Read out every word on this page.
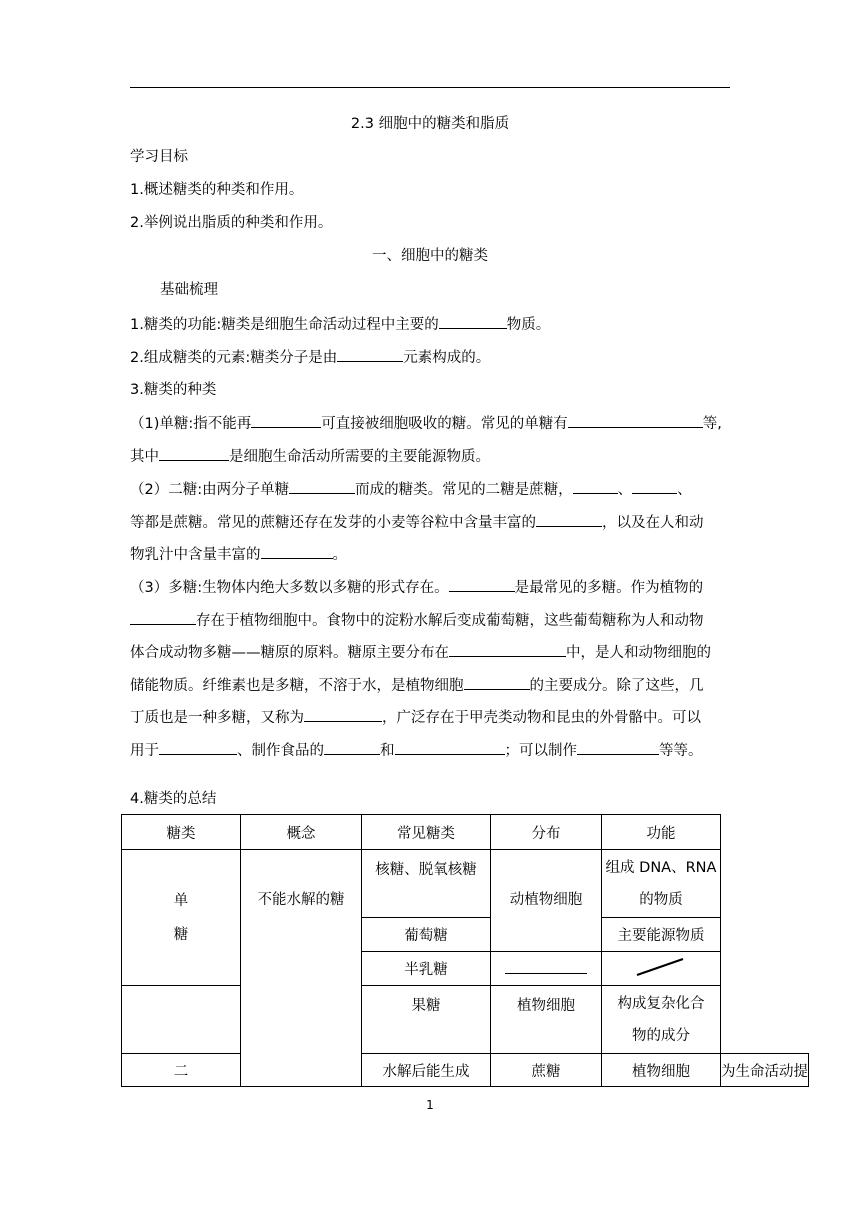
2.3 细胞中的糖类和脂质
学习目标
1.概述糖类的种类和作用。
2.举例说出脂质的种类和作用。
一、细胞中的糖类
基础梳理
1.糖类的功能:糖类是细胞生命活动过程中主要的	物质。
2.组成糖类的元素:糖类分子是由	元素构成的。
3.糖类的种类
（1)单糖:指不能再	可直接被细胞吸收的糖。常见的单糖有	等,
其中	是细胞生命活动所需要的主要能源物质。
（2）二糖:由两分子单糖	而成的糖类。常见的二糖是蔗糖，	、	、
等都是蔗糖。常见的蔗糖还存在发芽的小麦等谷粒中含量丰富的	，以及在人和动
物乳汁中含量丰富的	。
（3）多糖:生物体内绝大多数以多糖的形式存在。	是最常见的多糖。作为植物的
存在于植物细胞中。食物中的淀粉水解后变成葡萄糖，这些葡萄糖称为人和动物
体合成动物多糖——糖原的原料。糖原主要分布在	中，是人和动物细胞的
储能物质。纤维素也是多糖，不溶于水，是植物细胞	的主要成分。除了这些，几
丁质也是一种多糖，又称为	，广泛存在于甲壳类动物和昆虫的外骨骼中。可以
用于	、制作食品的	和	；可以制作	等等。
4.糖类的总结
糖类	概念	常见糖类	分布	功能	
单
糖	不能水解的糖	核糖、脱氧核糖	动植物细胞	组成 DNA、RNA
的物质	
		葡萄糖		主要能源物质	
		半乳糖		
		果糖	植物细胞	构成复杂化合
物的成分	
二		水解后能生成	蔗糖	植物细胞	为生命活动提
1
